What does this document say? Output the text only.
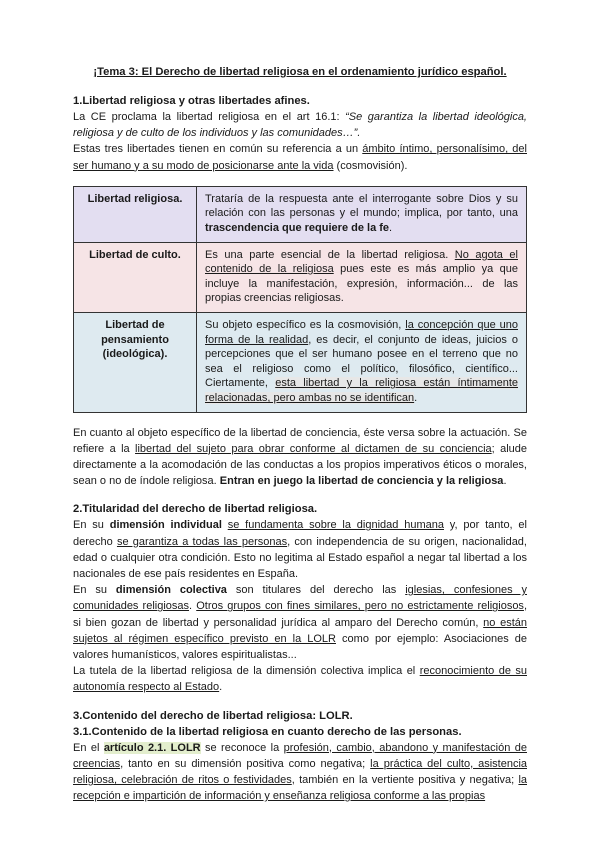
¡Tema 3: El Derecho de libertad religiosa en el ordenamiento jurídico español.
1.Libertad religiosa y otras libertades afines.

La CE proclama la libertad religiosa en el art 16.1: “Se garantiza la libertad ideológica, religiosa y de culto de los individuos y las comunidades…”.

Estas tres libertades tienen en común su referencia a un ámbito íntimo, personalísimo, del ser humano y a su modo de posicionarse ante la vida (cosmovisión).

Libertad religiosa.	Trataría de la respuesta ante el interrogante sobre Dios y su relación con las personas y el mundo; implica, por tanto, una trascendencia que requiere de la fe.
Libertad de culto.	Es una parte esencial de la libertad religiosa. No agota el contenido de la religiosa pues este es más amplio ya que incluye la manifestación, expresión, información... de las propias creencias religiosas.
Libertad de pensamiento (ideológica).	Su objeto específico es la cosmovisión, la concepción que uno forma de la realidad, es decir, el conjunto de ideas, juicios o percepciones que el ser humano posee en el terreno que no sea el religioso como el político, filosófico, científico... Ciertamente, esta libertad y la religiosa están íntimamente relacionadas, pero ambas no se identifican.

En cuanto al objeto específico de la libertad de conciencia, éste versa sobre la actuación. Se refiere a la libertad del sujeto para obrar conforme al dictamen de su conciencia; alude directamente a la acomodación de las conductas a los propios imperativos éticos o morales, sean o no de índole religiosa. Entran en juego la libertad de conciencia y la religiosa.

2.Titularidad del derecho de libertad religiosa.

En su dimensión individual se fundamenta sobre la dignidad humana y, por tanto, el derecho se garantiza a todas las personas, con independencia de su origen, nacionalidad, edad o cualquier otra condición. Esto no legitima al Estado español a negar tal libertad a los nacionales de ese país residentes en España.

En su dimensión colectiva son titulares del derecho las iglesias, confesiones y comunidades religiosas. Otros grupos con fines similares, pero no estrictamente religiosos, si bien gozan de libertad y personalidad jurídica al amparo del Derecho común, no están sujetos al régimen específico previsto en la LOLR como por ejemplo: Asociaciones de valores humanísticos, valores espiritualistas...

La tutela de la libertad religiosa de la dimensión colectiva implica el reconocimiento de su autonomía respecto al Estado.

3.Contenido del derecho de libertad religiosa: LOLR.
3.1.Contenido de la libertad religiosa en cuanto derecho de las personas.

En el artículo 2.1. LOLR se reconoce la profesión, cambio, abandono y manifestación de creencias, tanto en su dimensión positiva como negativa; la práctica del culto, asistencia religiosa, celebración de ritos o festividades, también en la vertiente positiva y negativa; la recepción e impartición de información y enseñanza religiosa conforme a las propias
